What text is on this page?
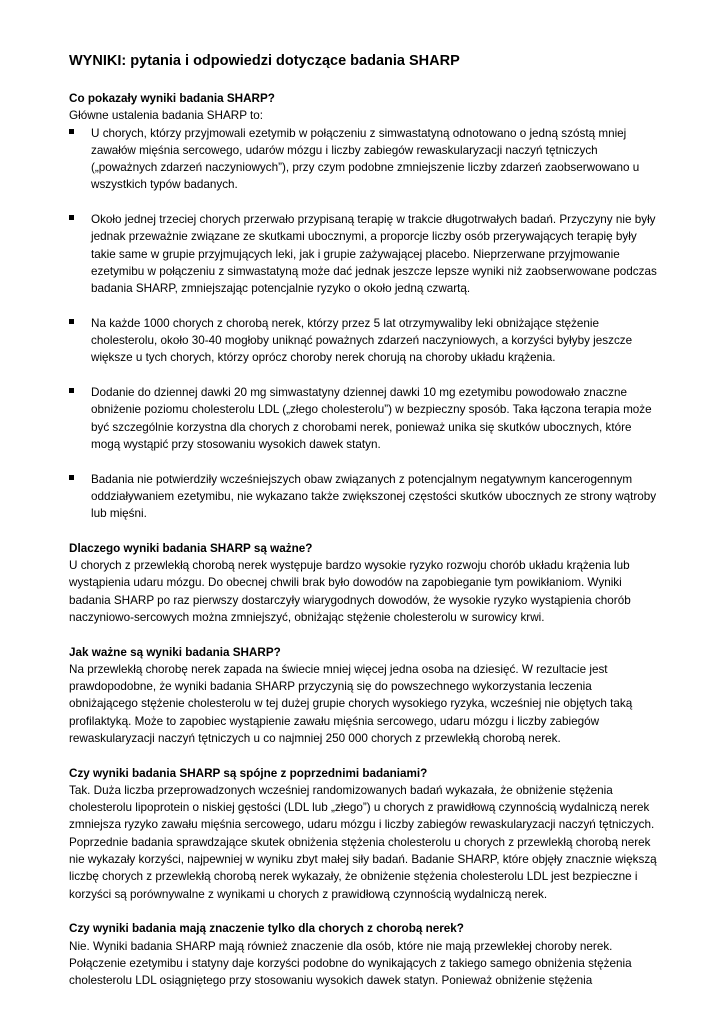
WYNIKI: pytania i odpowiedzi dotyczące badania SHARP

Co pokazały wyniki badania SHARP?

Główne ustalenia badania SHARP to:

U chorych, którzy przyjmowali ezetymib w połączeniu z simwastatyną odnotowano o jedną szóstą mniej zawałów mięśnia sercowego, udarów mózgu i liczby zabiegów rewaskularyzacji naczyń tętniczych („poważnych zdarzeń naczyniowych”), przy czym podobne zmniejszenie liczby zdarzeń zaobserwowano u wszystkich typów badanych.
Około jednej trzeciej chorych przerwało przypisaną terapię w trakcie długotrwałych badań. Przyczyny nie były jednak przeważnie związane ze skutkami ubocznymi, a proporcje liczby osób przerywających terapię były takie same w grupie przyjmujących leki, jak i grupie zażywającej placebo. Nieprzerwane przyjmowanie ezetymibu w połączeniu z simwastatyną może dać jednak jeszcze lepsze wyniki niż zaobserwowane podczas badania SHARP, zmniejszając potencjalnie ryzyko o około jedną czwartą.
Na każde 1000 chorych z chorobą nerek, którzy przez 5 lat otrzymywaliby leki obniżające stężenie cholesterolu, około 30-40 mogłoby uniknąć poważnych zdarzeń naczyniowych, a korzyści byłyby jeszcze większe u tych chorych, którzy oprócz choroby nerek chorują na choroby układu krążenia.
Dodanie do dziennej dawki 20 mg simwastatyny dziennej dawki 10 mg ezetymibu powodowało znaczne obniżenie poziomu cholesterolu LDL („złego cholesterolu”) w bezpieczny sposób. Taka łączona terapia może być szczególnie korzystna dla chorych z chorobami nerek, ponieważ unika się skutków ubocznych, które mogą wystąpić przy stosowaniu wysokich dawek statyn.
Badania nie potwierdziły wcześniejszych obaw związanych z potencjalnym negatywnym kancerogennym oddziaływaniem ezetymibu, nie wykazano także zwiększonej częstości skutków ubocznych ze strony wątroby lub mięśni.

Dlaczego wyniki badania SHARP są ważne?

U chorych z przewlekłą chorobą nerek występuje bardzo wysokie ryzyko rozwoju chorób układu krążenia lub wystąpienia udaru mózgu. Do obecnej chwili brak było dowodów na zapobieganie tym powikłaniom. Wyniki badania SHARP po raz pierwszy dostarczyły wiarygodnych dowodów, że wysokie ryzyko wystąpienia chorób naczyniowo-sercowych można zmniejszyć, obniżając stężenie cholesterolu w surowicy krwi.

Jak ważne są wyniki badania SHARP?

Na przewlekłą chorobę nerek zapada na świecie mniej więcej jedna osoba na dziesięć. W rezultacie jest prawdopodobne, że wyniki badania SHARP przyczynią się do powszechnego wykorzystania leczenia obniżającego stężenie cholesterolu w tej dużej grupie chorych wysokiego ryzyka, wcześniej nie objętych taką profilaktyką. Może to zapobiec wystąpienie zawału mięśnia sercowego, udaru mózgu i liczby zabiegów rewaskularyzacji naczyń tętniczych u co najmniej 250 000 chorych z przewlekłą chorobą nerek.

Czy wyniki badania SHARP są spójne z poprzednimi badaniami?

Tak. Duża liczba przeprowadzonych wcześniej randomizowanych badań wykazała, że obniżenie stężenia cholesterolu lipoprotein o niskiej gęstości (LDL lub „złego”) u chorych z prawidłową czynnością wydalniczą nerek zmniejsza ryzyko zawału mięśnia sercowego, udaru mózgu i liczby zabiegów rewaskularyzacji naczyń tętniczych. Poprzednie badania sprawdzające skutek obniżenia stężenia cholesterolu u chorych z przewlekłą chorobą nerek nie wykazały korzyści, najpewniej w wyniku zbyt małej siły badań. Badanie SHARP, które objęły znacznie większą liczbę chorych z przewlekłą chorobą nerek wykazały, że obniżenie stężenia cholesterolu LDL jest bezpieczne i korzyści są porównywalne z wynikami u chorych z prawidłową czynnością wydalniczą nerek.

Czy wyniki badania mają znaczenie tylko dla chorych z chorobą nerek?

Nie. Wyniki badania SHARP mają również znaczenie dla osób, które nie mają przewlekłej choroby nerek. Połączenie ezetymibu i statyny daje korzyści podobne do wynikających z takiego samego obniżenia stężenia cholesterolu LDL osiągniętego przy stosowaniu wysokich dawek statyn. Ponieważ obniżenie stężenia
